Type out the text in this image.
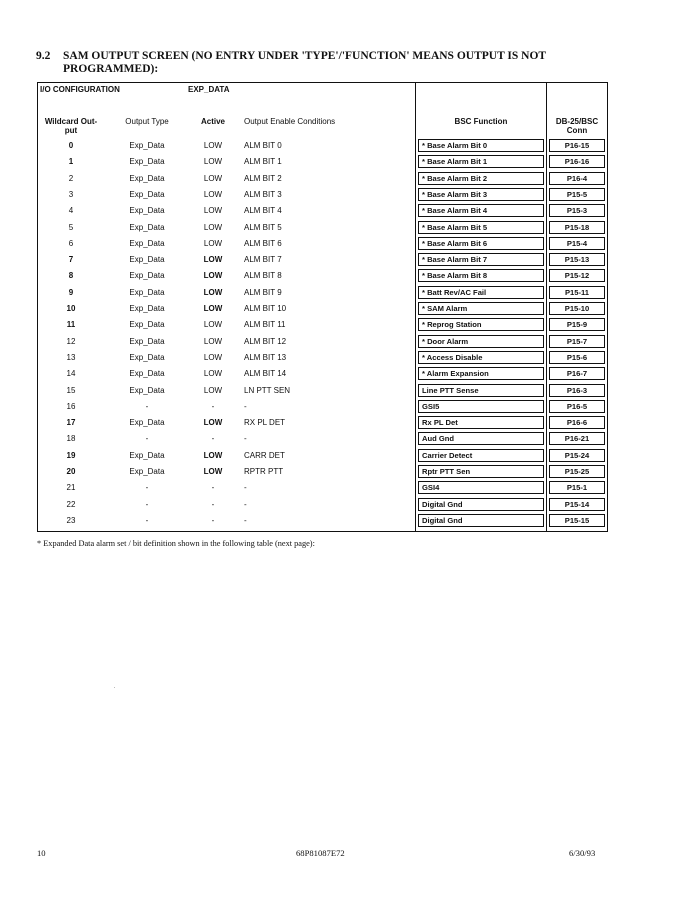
9.2 SAM OUTPUT SCREEN (NO ENTRY UNDER 'TYPE'/'FUNCTION' MEANS OUTPUT IS NOT
PROGRAMMED):
I/O CONFIGURATION	EXP_DATA
Wildcard Out-put
Output Type	Active	Output Enable Conditions	BSC Function	DB-25/BSC Conn
0	Exp_Data	LOW	ALM BIT 0	* Base Alarm Bit 0	P16-15
1	Exp_Data	LOW	ALM BIT 1	* Base Alarm Bit 1	P16-16
2	Exp_Data	LOW	ALM BIT 2	* Base Alarm Bit 2	P16-4
3	Exp_Data	LOW	ALM BIT 3	* Base Alarm Bit 3	P15-5
4	Exp_Data	LOW	ALM BIT 4	* Base Alarm Bit 4	P15-3
5	Exp_Data	LOW	ALM BIT 5	* Base Alarm Bit 5	P15-18
6	Exp_Data	LOW	ALM BIT 6	* Base Alarm Bit 6	P15-4
7	Exp_Data	LOW	ALM BIT 7	* Base Alarm Bit 7	P15-13
8	Exp_Data	LOW	ALM BIT 8	* Base Alarm Bit 8	P15-12
9	Exp_Data	LOW	ALM BIT 9	* Batt Rev/AC Fail	P15-11
10	Exp_Data	LOW	ALM BIT 10	* SAM Alarm	P15-10
11	Exp_Data	LOW	ALM BIT 11	* Reprog Station	P15-9
12	Exp_Data	LOW	ALM BIT 12	* Door Alarm	P15-7
13	Exp_Data	LOW	ALM BIT 13	* Access Disable	P15-6
14	Exp_Data	LOW	ALM BIT 14	* Alarm Expansion	P16-7
15	Exp_Data	LOW	LN PTT SEN	Line PTT Sense	P16-3
16	-	-	-	GSI5	P16-5
17	Exp_Data	LOW	RX PL DET	Rx PL Det	P16-6
18	-	-	-	Aud Gnd	P16-21
19	Exp_Data	LOW	CARR DET	Carrier Detect	P15-24
20	Exp_Data	LOW	RPTR PTT	Rptr PTT Sen	P15-25
21	-	-	-	GSI4	P15-1
22	-	-	-	Digital Gnd	P15-14
23	-	-	-	Digital Gnd	P15-15
* Expanded Data alarm set / bit definition shown in the following table (next page):
10	68P81087E72	6/30/93
